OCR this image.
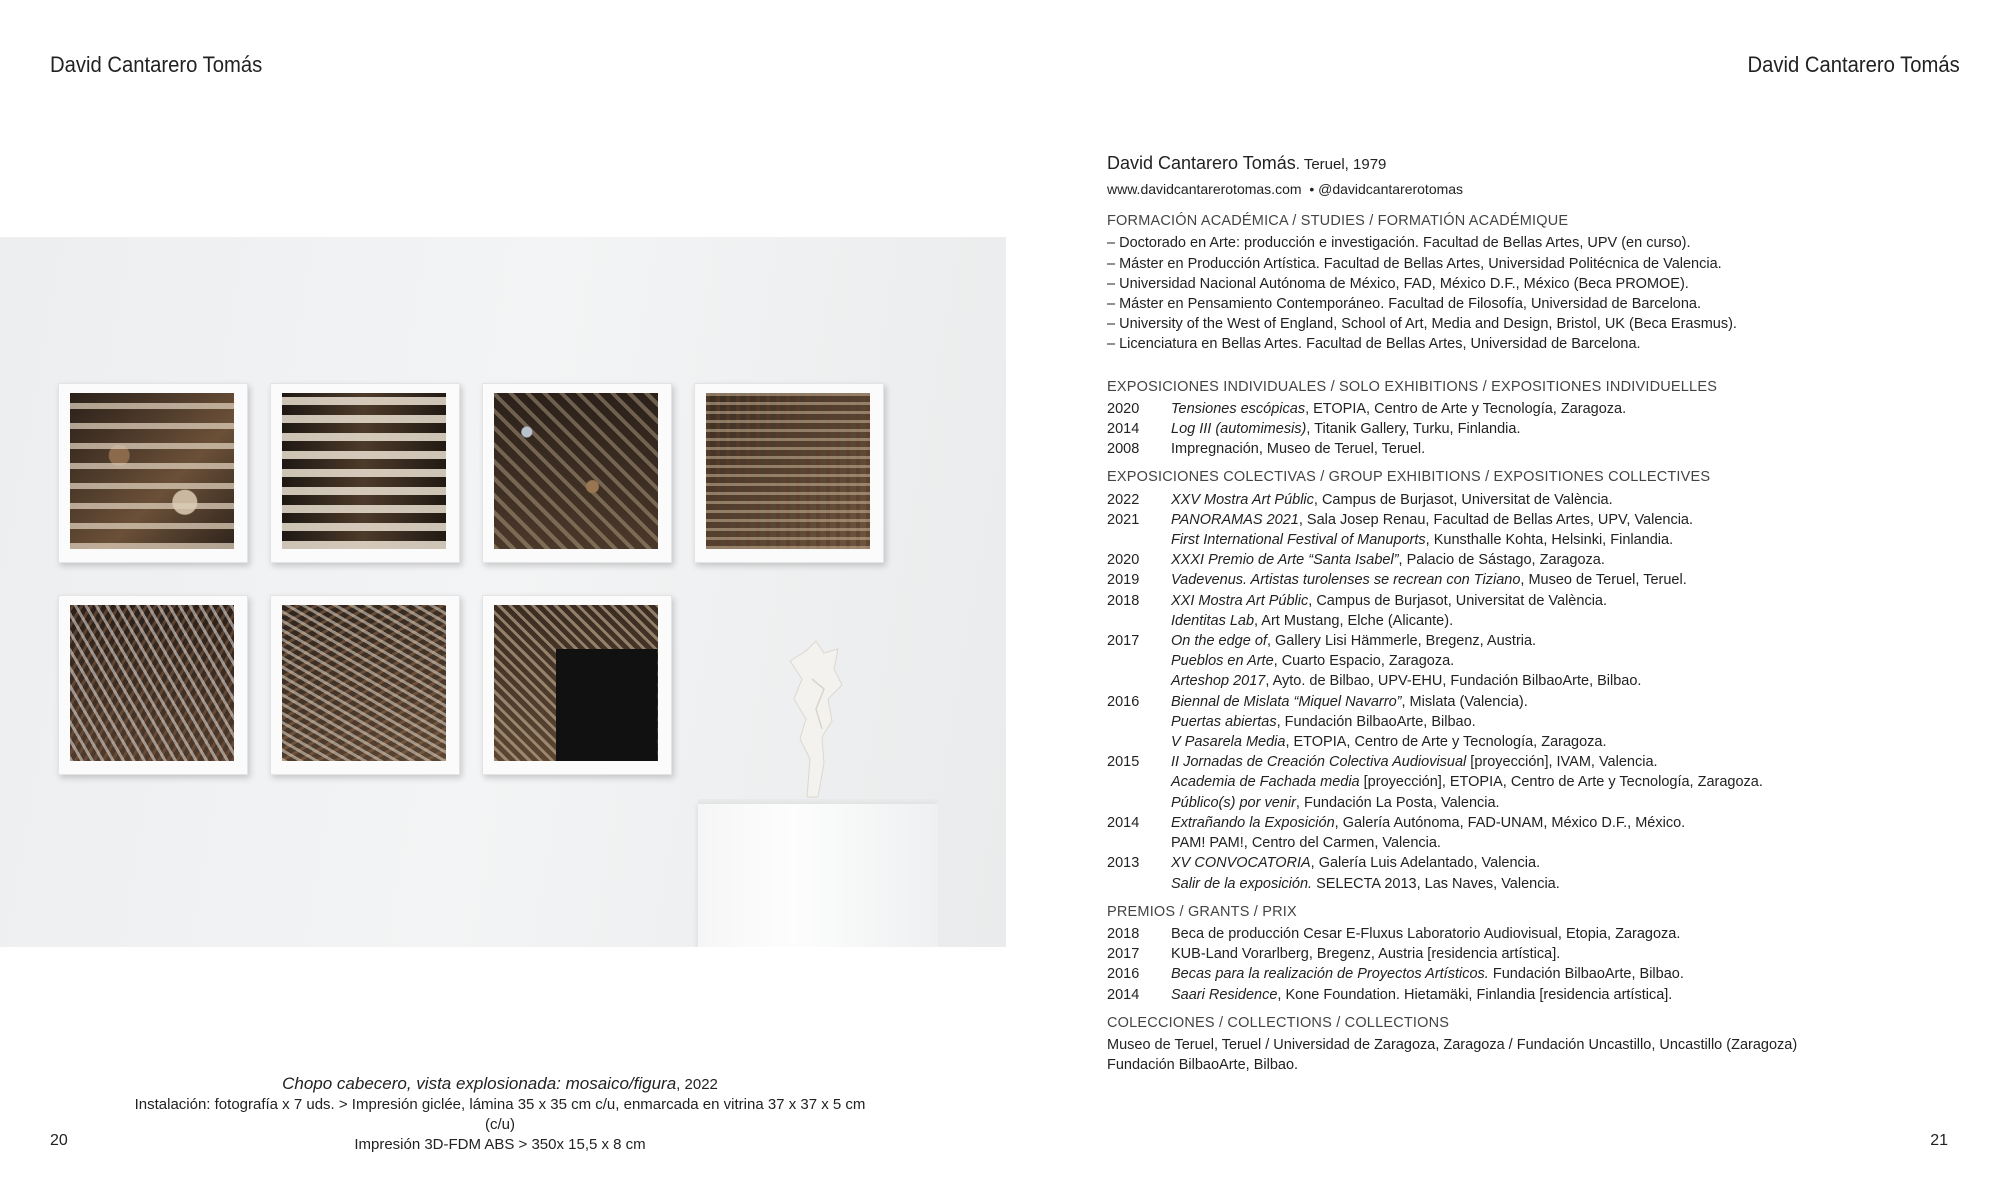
David Cantarero Tomás	David Cantarero Tomás
Chopo cabecero, vista explosionada: mosaico/figura, 2022
Instalación: fotografía x 7 uds. > Impresión giclée, lámina 35 x 35 cm c/u, enmarcada en vitrina 37 x 37 x 5 cm (c/u)
Impresión 3D-FDM ABS > 350x 15,5 x 8 cm
20	21
David Cantarero Tomás. Teruel, 1979
www.davidcantarerotomas.com • @davidcantarerotomas
FORMACIÓN ACADÉMICA / STUDIES / FORMATIÓN ACADÉMIQUE
– Doctorado en Arte: producción e investigación. Facultad de Bellas Artes, UPV (en curso).
– Máster en Producción Artística. Facultad de Bellas Artes, Universidad Politécnica de Valencia.
– Universidad Nacional Autónoma de México, FAD, México D.F., México (Beca PROMOE).
– Máster en Pensamiento Contemporáneo. Facultad de Filosofía, Universidad de Barcelona.
– University of the West of England, School of Art, Media and Design, Bristol, UK (Beca Erasmus).
– Licenciatura en Bellas Artes. Facultad de Bellas Artes, Universidad de Barcelona.
EXPOSICIONES INDIVIDUALES / SOLO EXHIBITIONS / EXPOSITIONES INDIVIDUELLES
2020	Tensiones escópicas, ETOPIA, Centro de Arte y Tecnología, Zaragoza.
2014	Log III (automimesis), Titanik Gallery, Turku, Finlandia.
2008	Impregnación, Museo de Teruel, Teruel.
EXPOSICIONES COLECTIVAS / GROUP EXHIBITIONS / EXPOSITIONES COLLECTIVES
2022	XXV Mostra Art Públic, Campus de Burjasot, Universitat de València.
2021	PANORAMAS 2021, Sala Josep Renau, Facultad de Bellas Artes, UPV, Valencia.
First International Festival of Manuports, Kunsthalle Kohta, Helsinki, Finlandia.
2020	XXXI Premio de Arte “Santa Isabel”, Palacio de Sástago, Zaragoza.
2019	Vadevenus. Artistas turolenses se recrean con Tiziano, Museo de Teruel, Teruel.
2018	XXI Mostra Art Públic, Campus de Burjasot, Universitat de València.
Identitas Lab, Art Mustang, Elche (Alicante).
2017	On the edge of, Gallery Lisi Hämmerle, Bregenz, Austria.
Pueblos en Arte, Cuarto Espacio, Zaragoza.
Arteshop 2017, Ayto. de Bilbao, UPV-EHU, Fundación BilbaoArte, Bilbao.
2016	Biennal de Mislata “Miquel Navarro”, Mislata (Valencia).
Puertas abiertas, Fundación BilbaoArte, Bilbao.
V Pasarela Media, ETOPIA, Centro de Arte y Tecnología, Zaragoza.
2015	II Jornadas de Creación Colectiva Audiovisual [proyección], IVAM, Valencia.
Academia de Fachada media [proyección], ETOPIA, Centro de Arte y Tecnología, Zaragoza.
Público(s) por venir, Fundación La Posta, Valencia.
2014	Extrañando la Exposición, Galería Autónoma, FAD-UNAM, México D.F., México.
PAM! PAM!, Centro del Carmen, Valencia.
2013	XV CONVOCATORIA, Galería Luis Adelantado, Valencia.
Salir de la exposición. SELECTA 2013, Las Naves, Valencia.
PREMIOS / GRANTS / PRIX
2018	Beca de producción Cesar E-Fluxus Laboratorio Audiovisual, Etopia, Zaragoza.
2017	KUB-Land Vorarlberg, Bregenz, Austria [residencia artística].
2016	Becas para la realización de Proyectos Artísticos. Fundación BilbaoArte, Bilbao.
2014	Saari Residence, Kone Foundation. Hietamäki, Finlandia [residencia artística].
COLECCIONES / COLLECTIONS / COLLECTIONS
Museo de Teruel, Teruel / Universidad de Zaragoza, Zaragoza / Fundación Uncastillo, Uncastillo (Zaragoza)
Fundación BilbaoArte, Bilbao.
